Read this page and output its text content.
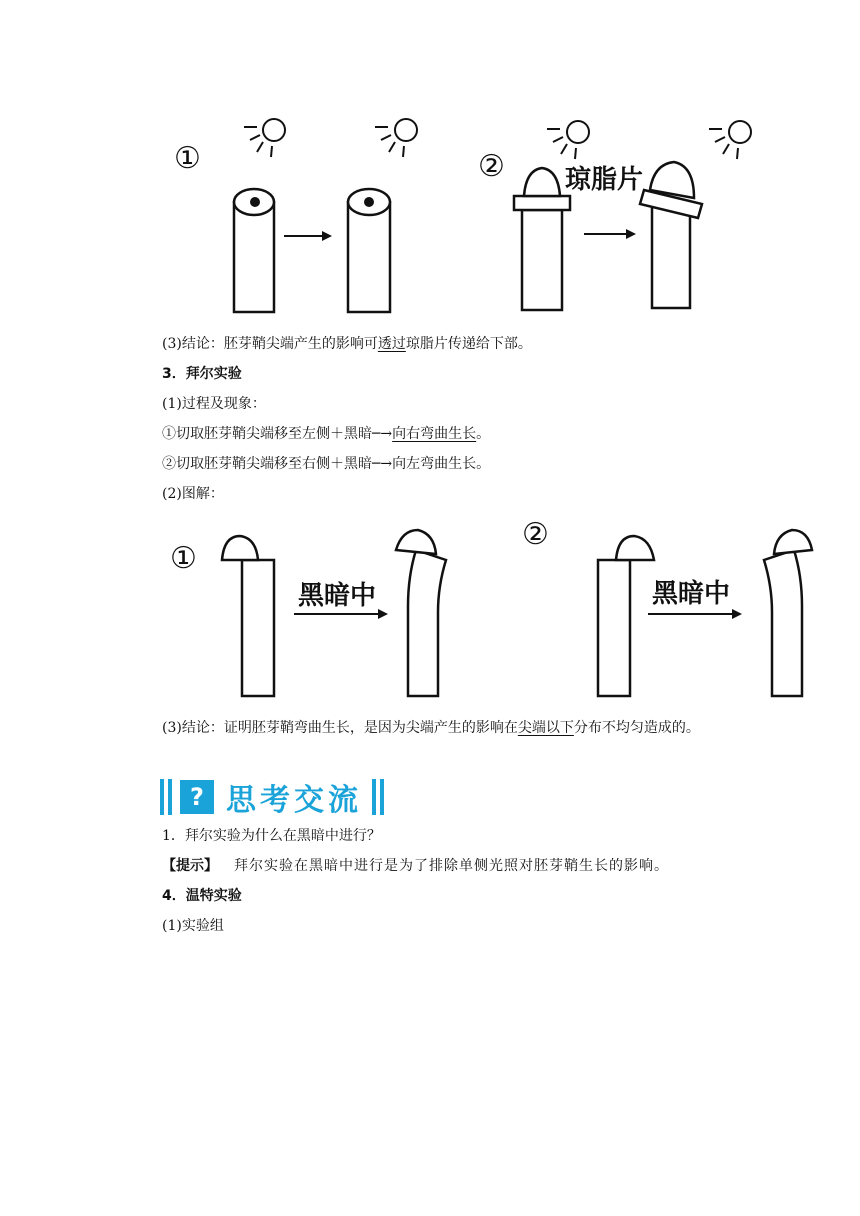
①	② 琼脂片
(3)结论：胚芽鞘尖端产生的影响可透过琼脂片传递给下部。
3．拜尔实验
(1)过程及现象：
①切取胚芽鞘尖端移至左侧＋黑暗─→向右弯曲生长。
②切取胚芽鞘尖端移至右侧＋黑暗─→向左弯曲生长。
(2)图解：
①
黑暗中
②
黑暗中
(3)结论：证明胚芽鞘弯曲生长，是因为尖端产生的影响在尖端以下分布不均匀造成的。
? 思考交流
1．拜尔实验为什么在黑暗中进行？
【提示】 拜尔实验在黑暗中进行是为了排除单侧光照对胚芽鞘生长的影响。
4．温特实验
(1)实验组
